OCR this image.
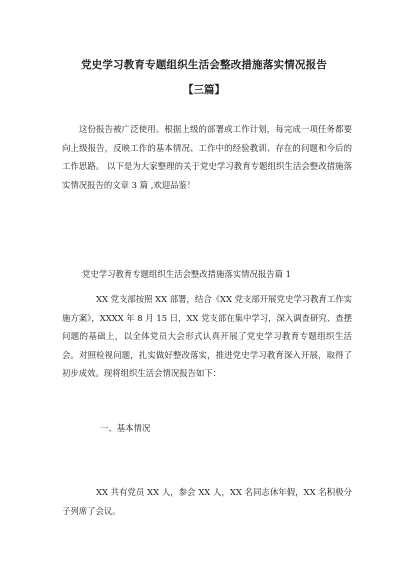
党史学习教育专题组织生活会整改措施落实情况报告
【三篇】

这份报告被广泛使用。根据上级的部署或工作计划，每完成一项任务都要向上级报告，反映工作的基本情况、工作中的经验教训、存在的问题和今后的工作思路。 以下是为大家整理的关于党史学习教育专题组织生活会整改措施落实情况报告的文章 3 篇 ,欢迎品鉴！

党史学习教育专题组织生活会整改措施落实情况报告篇 1

XX 党支部按照 XX 部署，结合《XX 党支部开展党史学习教育工作实施方案》，XXXX 年 8 月 15 日，XX 党支部在集中学习，深入调查研究、查摆问题的基础上，以全体党员大会形式认真开展了党史学习教育专题组织生活会。对照检视问题，扎实做好整改落实，推进党史学习教育深入开展，取得了初步成效。现将组织生活会情况报告如下：

一、基本情况

XX 共有党员 XX 人，参会 XX 人，XX 名同志休年假，XX 名积极分子列席了会议。
